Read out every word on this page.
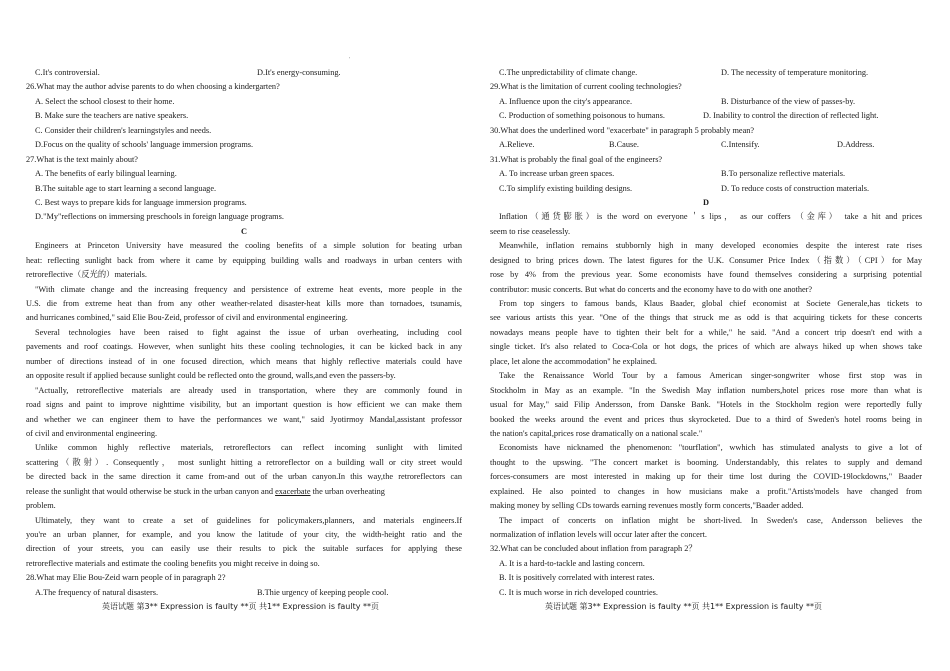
'
C.It's controversial.	D.It's energy-consuming.
26.What may the author advise parents to do when choosing a kindergarten?
A. Select the school closest to their home.
B. Make sure the teachers are native speakers.
C. Consider their children's learningstyles and needs.
D.Focus on the quality of schools' language immersion programs.
27.What is the text mainly about?
A. The benefits of early bilingual learning.
B.The suitable age to start learning a second language.
C. Best ways to prepare kids for language immersion programs.
D."My"reflections on immersing preschools in foreign language programs.
C
Engineers at Princeton University have measured the cooling benefits of a simple solution for beating urban
heat: reflecting sunlight back from where it came by equipping building walls and roadways in urban centers with
retroreflective（反光的）materials.
"With climate change and the increasing frequency and persistence of extreme heat events, more people in the
U.S. die from extreme heat than from any other weather-related disaster-heat kills more than tornadoes, tsunamis,
and hurricanes combined," said Elie Bou-Zeid, professor of civil and environmental engineering.
Several technologies have been raised to fight against the issue of urban overheating, including cool
pavements and roof coatings. However, when sunlight hits these cooling technologies, it can be kicked back in any
number of directions instead of in one focused direction, which means that highly reflective materials could have
an opposite result if applied because sunlight could be reflected onto the ground, walls,and even the passers-by.
"Actually, retroreflective materials are already used in transportation, where they are commonly found in
road signs and paint to improve nighttime visibility, but an important question is how efficient we can make them
and whether we can engineer them to have the performances we want," said Jyotirmoy Mandal,assistant professor
of civil and environmental engineering.
Unlike common highly reflective materials, retroreflectors can reflect incoming sunlight with limited
scattering（散射）. Consequently， most sunlight hitting a retroreflector on a building wall or city street would
be directed back in the same direction it came from-and out of the urban canyon.In this way,the retroreflectors can
release the sunlight that would otherwise be stuck in the urban canyon and exacerbate the urban overheating
problem.
Ultimately, they want to create a set of guidelines for policymakers,planners, and materials engineers.If
you're an urban planner, for example, and you know the latitude of your city, the width-height ratio and the
direction of your streets, you can easily use their results to pick the suitable surfaces for applying these
retroreflective materials and estimate the cooling benefits you might receive in doing so.
28.What may Elie Bou-Zeid warn people of in paragraph 2?
A.The frequency of natural disasters.	B.Thie urgency of keeping people cool.
英语试题 第3** Expression is faulty **页 共1** Expression is faulty **页
C.The unpredictability of climate change.	D. The necessity of temperature monitoring.
29.What is the limitation of current cooling technologies?
A. Influence upon the city's appearance.	B. Disturbance of the view of passes-by.
C. Production of something poisonous to humans.	D. Inability to control the direction of reflected light.
30.What does the underlined word "exacerbate" in paragraph 5 probably mean?
A.Relieve.	B.Cause.	C.Intensify.	D.Address.
31.What is probably the final goal of the engineers?
A. To increase urban green spaces.	B.To personalize reflective materials.
C.To simplify existing building designs.	D. To reduce costs of construction materials.
D
Inflation（通货膨胀）is the word on everyone＇s lips， as our coffers （金库） take a hit and prices
seem to rise ceaselessly.
Meanwhile, inflation remains stubbornly high in many developed economies despite the interest rate rises
designed to bring prices down. The latest figures for the U.K. Consumer Price Index（指数）（CPI）for May
rose by 4% from the previous year. Some economists have found themselves considering a surprising potential
contributor: music concerts. But what do concerts and the economy have to do with one another?
From top singers to famous bands, Klaus Baader, global chief economist at Societe Generale,has tickets to
see various artists this year. "One of the things that struck me as odd is that acquiring tickets for these concerts
nowadays means people have to tighten their belt for a while," he said. "And a concert trip doesn't end with a
single ticket. It's also related to Coca-Cola or hot dogs, the prices of which are always hiked up when shows take
place, let alone the accommodation" he explained.
Take the Renaissance World Tour by a famous American singer-songwriter whose first stop was in
Stockholm in May as an example. "In the Swedish May inflation numbers,hotel prices rose more than what is
usual for May," said Filip Andersson, from Danske Bank. "Hotels in the Stockholm region were reportedly fully
booked the weeks around the event and prices thus skyrocketed. Due to a third of Sweden's hotel rooms being in
the nation's capital,prices rose dramatically on a national scale."
Economists have nicknamed the phenomenon: "tourflation", wwhich has stimulated analysts to give a lot of
thought to the upswing. "The concert market is booming. Understandably, this relates to supply and demand
forces-consumers are most interested in making up for their time lost during the COVID-19lockdowns," Baader
explained. He also pointed to changes in how musicians make a profit."Artists'models have changed from
making money by selling CDs towards earning revenues mostly form concerts,"Baader added.
The impact of concerts on inflation might be short-lived. In Sweden's case, Andersson believes the
normalization of inflation levels will occur later after the concert.
32.What can be concluded about inflation from paragraph 2？
A. It is a hard-to-tackle and lasting concern.
B. It is positively correlated with interest rates.
C. It is much worse in rich developed countries.
英语试题 第3** Expression is faulty **页 共1** Expression is faulty **页
